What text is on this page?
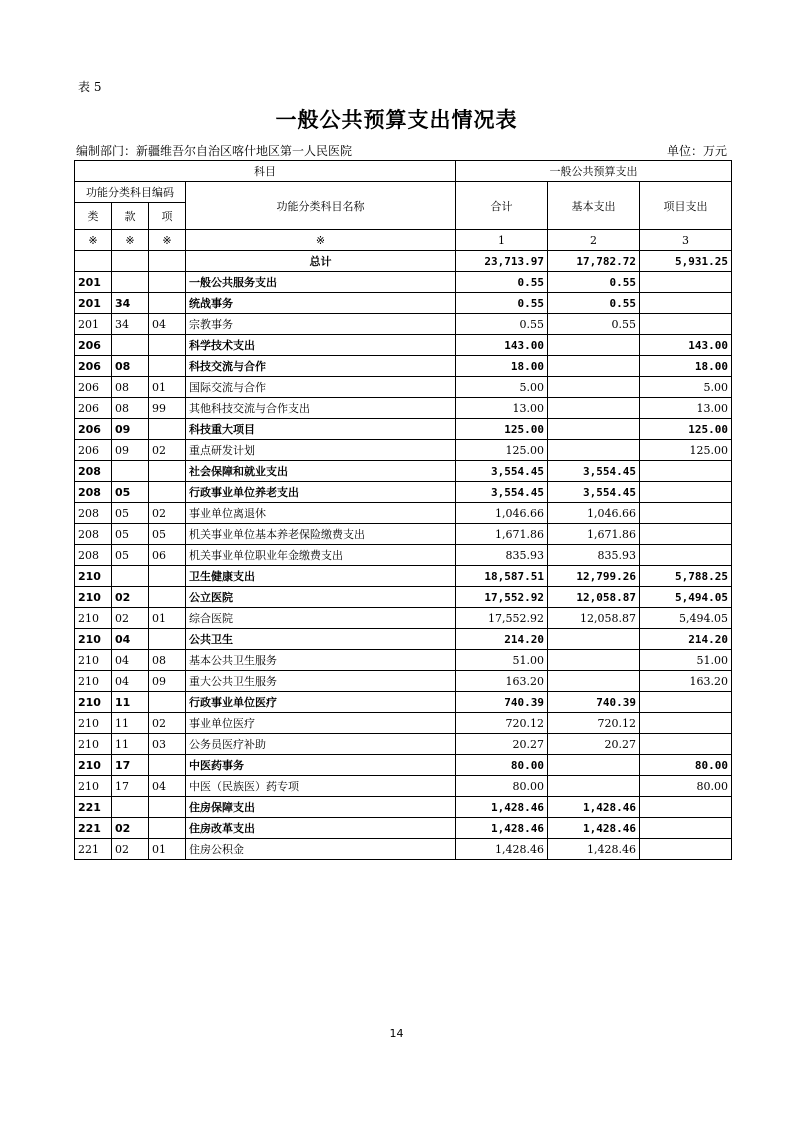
表 5
一般公共预算支出情况表
编制部门：新疆维吾尔自治区喀什地区第一人民医院	单位：万元
科目				一般公共预算支出		
功能分类科目编码			功能分类科目名称	合计	基本支出	项目支出
类	款	项				
※	※	※	※	1	2	3
			总计	23,713.97	17,782.72	5,931.25
201			一般公共服务支出	0.55	0.55	
201	34		统战事务	0.55	0.55	
201	34	04	宗教事务	0.55	0.55	
206			科学技术支出	143.00		143.00
206	08		科技交流与合作	18.00		18.00
206	08	01	国际交流与合作	5.00		5.00
206	08	99	其他科技交流与合作支出	13.00		13.00
206	09		科技重大项目	125.00		125.00
206	09	02	重点研发计划	125.00		125.00
208			社会保障和就业支出	3,554.45	3,554.45	
208	05		行政事业单位养老支出	3,554.45	3,554.45	
208	05	02	事业单位离退休	1,046.66	1,046.66	
208	05	05	机关事业单位基本养老保险缴费支出	1,671.86	1,671.86	
208	05	06	机关事业单位职业年金缴费支出	835.93	835.93	
210			卫生健康支出	18,587.51	12,799.26	5,788.25
210	02		公立医院	17,552.92	12,058.87	5,494.05
210	02	01	综合医院	17,552.92	12,058.87	5,494.05
210	04		公共卫生	214.20		214.20
210	04	08	基本公共卫生服务	51.00		51.00
210	04	09	重大公共卫生服务	163.20		163.20
210	11		行政事业单位医疗	740.39	740.39	
210	11	02	事业单位医疗	720.12	720.12	
210	11	03	公务员医疗补助	20.27	20.27	
210	17		中医药事务	80.00		80.00
210	17	04	中医（民族医）药专项	80.00		80.00
221			住房保障支出	1,428.46	1,428.46	
221	02		住房改革支出	1,428.46	1,428.46	
221	02	01	住房公积金	1,428.46	1,428.46	
14
